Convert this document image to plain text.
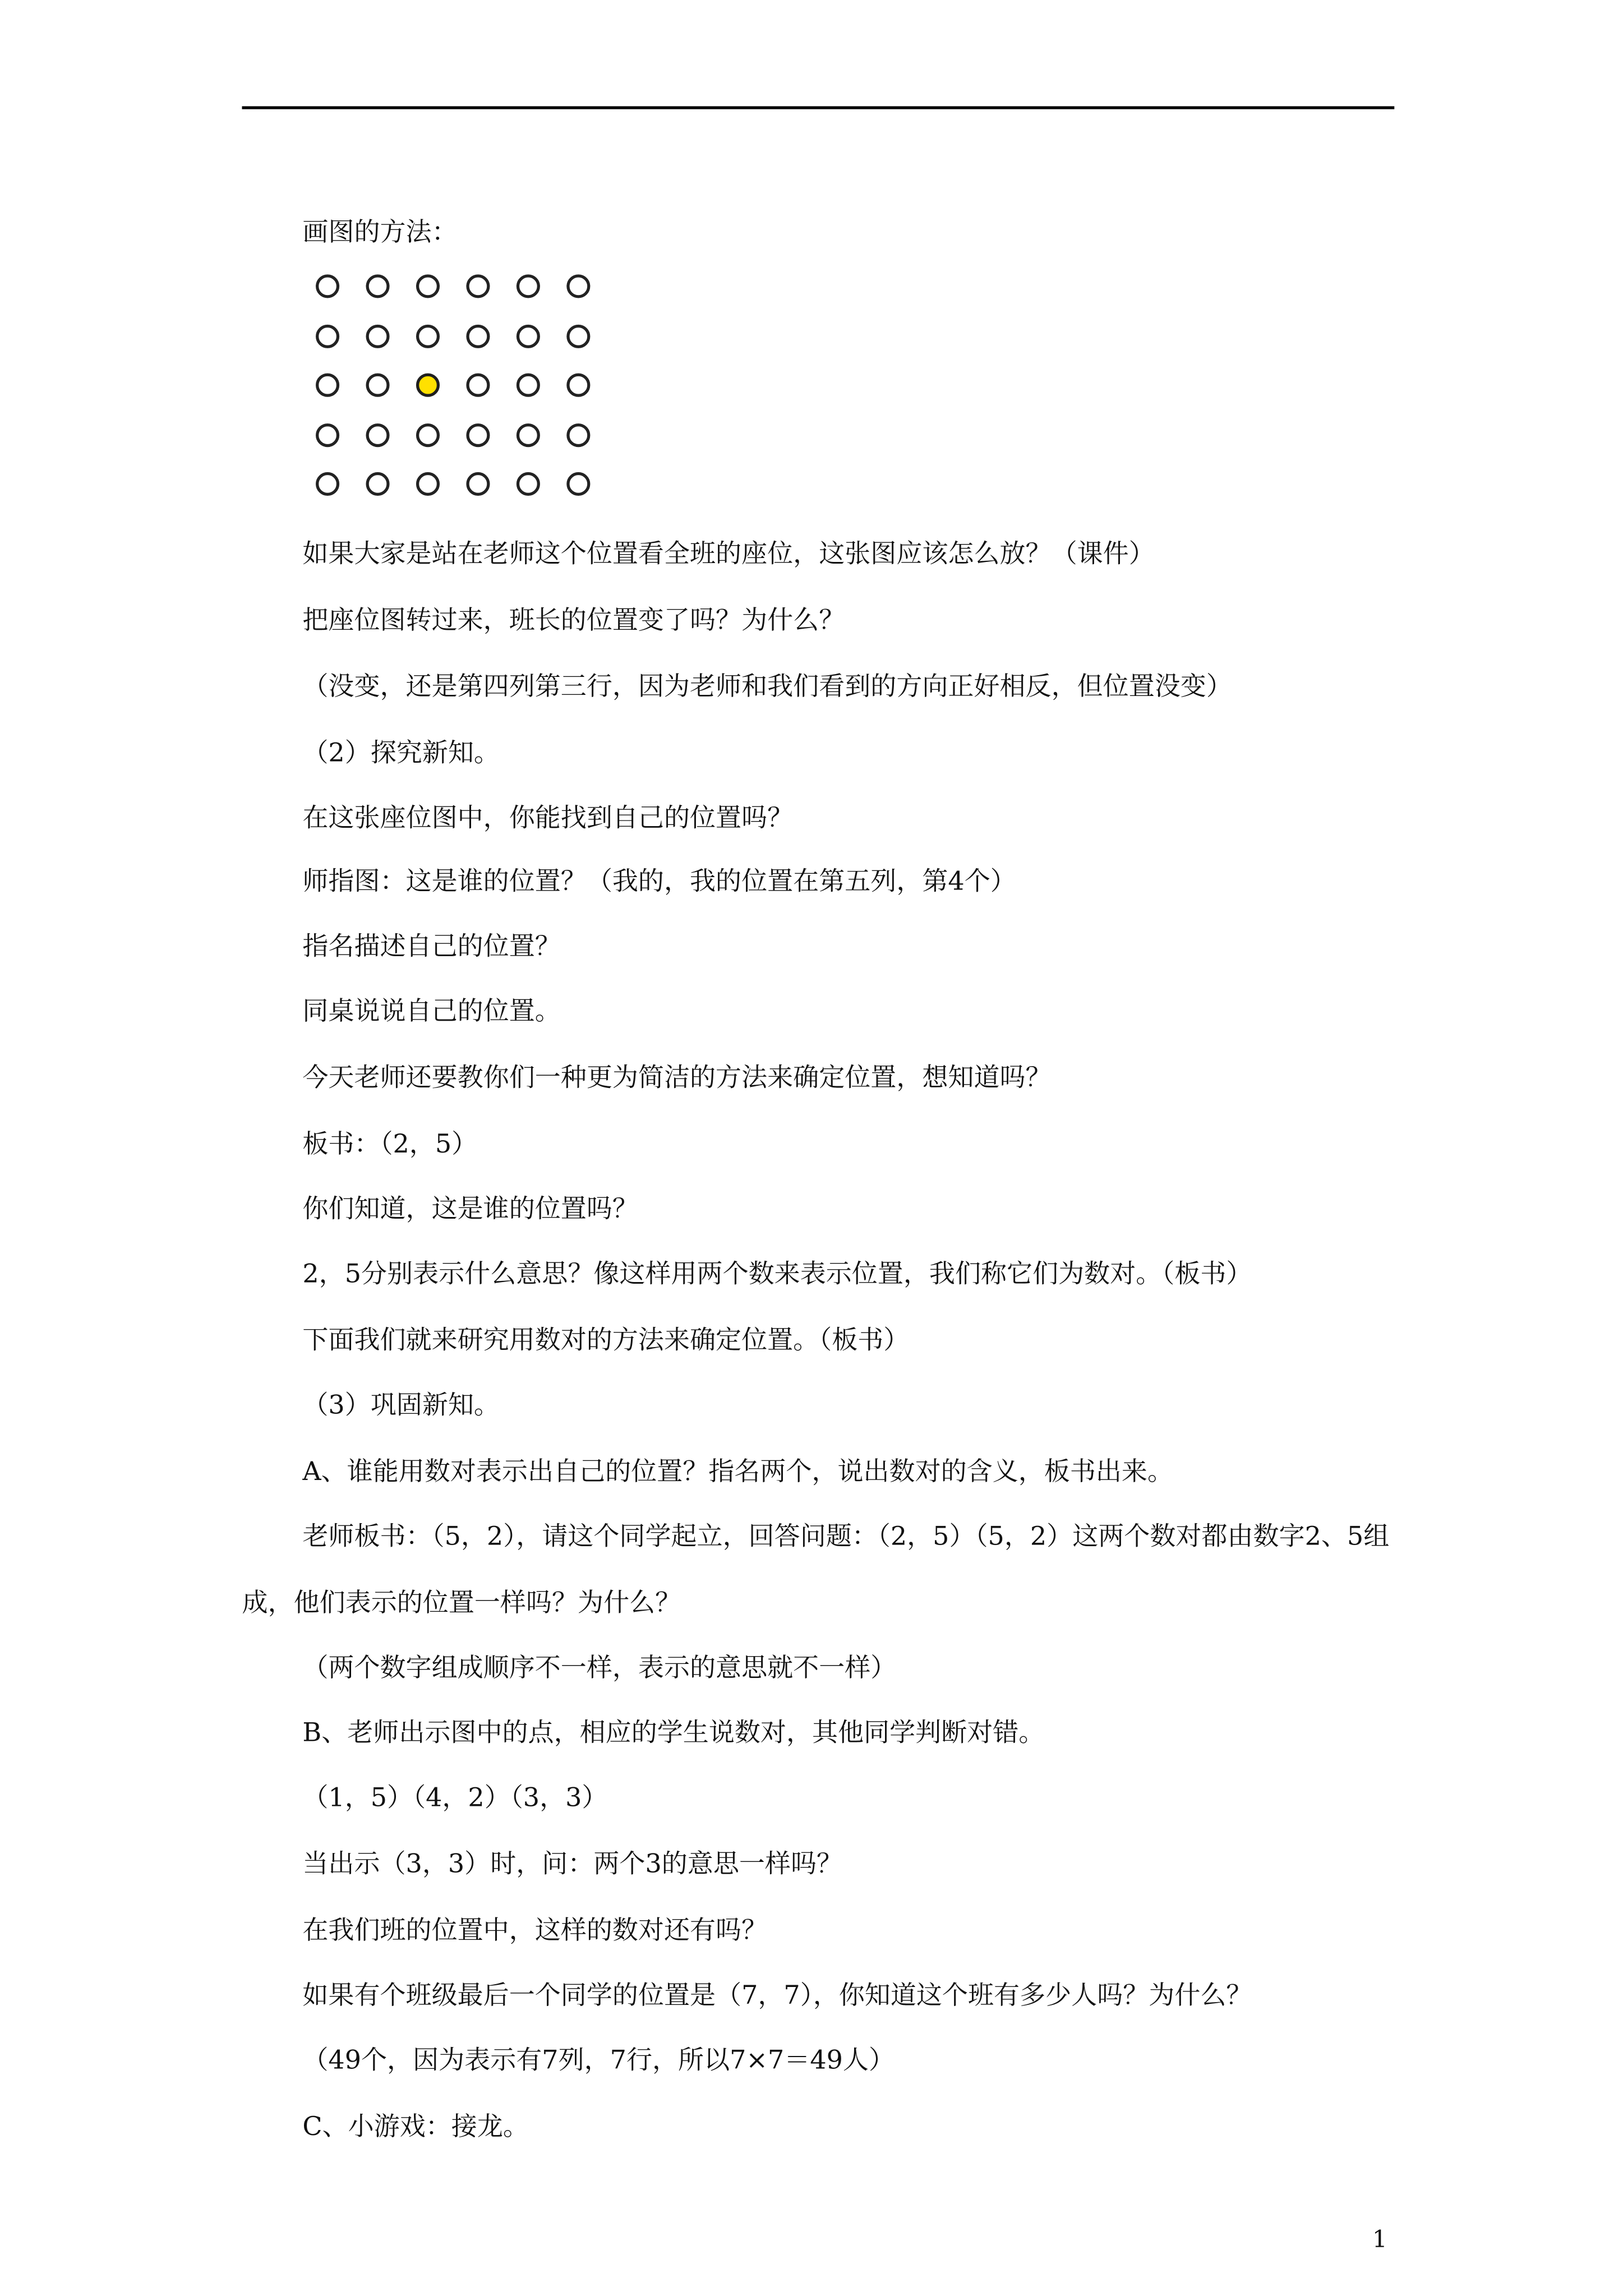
画图的方法：
如果大家是站在老师这个位置看全班的座位，这张图应该怎么放？（课件）
把座位图转过来，班长的位置变了吗？为什么？
（没变，还是第四列第三行，因为老师和我们看到的方向正好相反，但位置没变）
（2）探究新知。
在这张座位图中，你能找到自己的位置吗？
师指图：这是谁的位置？（我的，我的位置在第五列，第4个）
指名描述自己的位置？
同桌说说自己的位置。
今天老师还要教你们一种更为简洁的方法来确定位置，想知道吗？
板书：（2，5）
你们知道，这是谁的位置吗？
2，5分别表示什么意思？像这样用两个数来表示位置，我们称它们为数对。（板书）
下面我们就来研究用数对的方法来确定位置。（板书）
（3）巩固新知。
A、谁能用数对表示出自己的位置？指名两个，说出数对的含义，板书出来。
老师板书：（5，2），请这个同学起立，回答问题：（2，5）（5，2）这两个数对都由数字2、5组成，他们表示的位置一样吗？为什么？
（两个数字组成顺序不一样，表示的意思就不一样）
B、老师出示图中的点，相应的学生说数对，其他同学判断对错。
（1，5）（4，2）（3，3）
当出示（3，3）时，问：两个3的意思一样吗？
在我们班的位置中，这样的数对还有吗？
如果有个班级最后一个同学的位置是（7，7），你知道这个班有多少人吗？为什么？
（49个，因为表示有7列，7行，所以7×7＝49人）
C、小游戏：接龙。
1
